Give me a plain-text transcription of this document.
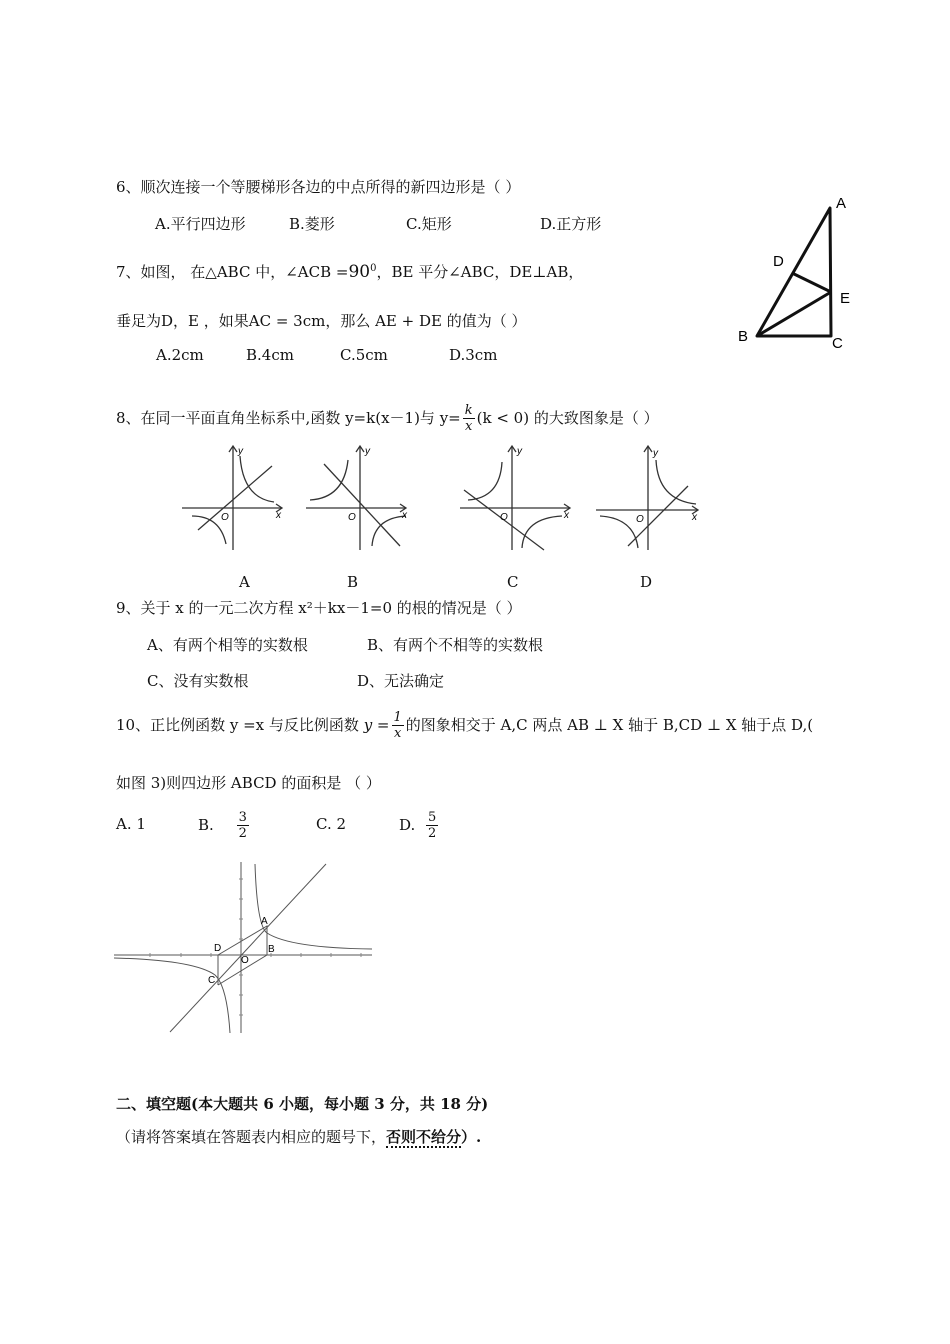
6、顺次连接一个等腰梯形各边的中点所得的新四边形是（ ）
A.平行四边形	B.菱形	C.矩形	D.正方形
7、如图， 在△ABC 中，∠ACB $=90^0$，BE 平分∠ABC，DE⊥AB，
垂足为D，E ，如果AC = 3cm，那么 AE + DE 的值为（ ）
A.2cm	B.4cm	C.5cm	D.3cm
A
D
E
B	C
8、在同一平面直角坐标系中,函数 y=k(x－1)与 $y= \frac{k}{x} (k < 0)$ 的大致图象是（ ）
y
x
O
y
x
O
y
x
O
y
x
O
A	B	C	D
9、关于 x 的一元二次方程 x²＋kx－1=0 的根的情况是（ ）
A、有两个相等的实数根	B、有两个不相等的实数根
C、没有实数根	D、无法确定
10、正比例函数 y =x 与反比例函数 $y = \frac{1}{x}$ 的图象相交于 A,C 两点 AB ⊥ X 轴于 B,CD ⊥ X 轴于点 D,(
如图 3)则四边形 ABCD 的面积是 （ ）
A. 1	B. $\frac{3}{2}$	C. 2	D. $\frac{5}{2}$
A
D
O
B
C
二、填空题(本大题共 6 小题，每小题 3 分，共 18 分)
（请将答案填在答题表内相应的题号下，否则不给分）.
